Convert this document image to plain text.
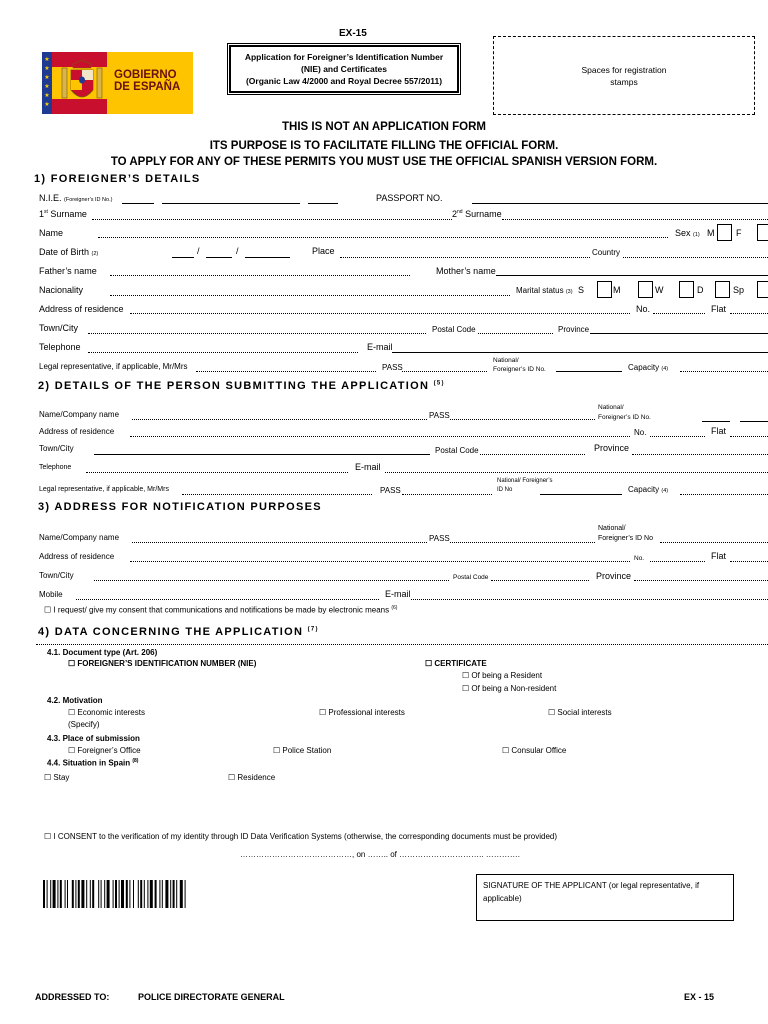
EX-15
★
★
★
★
★
★
GOBIERNO
DE ESPAÑA
Application for Foreigner’s Identification Number
(NIE) and Certificates
(Organic Law 4/2000 and Royal Decree 557/2011)
Spaces for registration
stamps
THIS IS NOT AN APPLICATION FORM
ITS PURPOSE IS TO FACILITATE FILLING THE OFFICIAL FORM.
TO APPLY FOR ANY OF THESE PERMITS YOU MUST USE THE OFFICIAL SPANISH VERSION FORM.
1) FOREIGNER’S DETAILS
N.I.E. (Foreigner’s ID No.)	PASSPORT NO.
1st Surname	2nd Surname
Name	Sex (1) M F
Date of Birth (2)	/	/	Place	Country
Father’s name	Mother’s name
Nacionality	Marital status (3) S	M	W	D	Sp
Address of residence	No.	Flat
Town/City	Postal Code	Province
Telephone	E-mail
Legal representative, if applicable, Mr/Mrs	PASS
National/
Foreigner’s ID No.	Capacity (4)
2) DETAILS OF THE PERSON SUBMITTING THE APPLICATION $^{(5)}$
Name/Company name	PASS
National/
Foreigner’s ID No.
Address of residence	No.	Flat
Town/City	Postal Code	Province
Telephone	E-mail
Legal representative, if applicable, Mr/Mrs	PASS
National/ Foreigner’s
ID No	Capacity (4)
3) ADDRESS FOR NOTIFICATION PURPOSES
Name/Company name	PASS
National/
Foreigner’s ID No
Address of residence	No.	Flat
Town/City	Postal Code	Province
Mobile	E-mail
☐ I request/ give my consent that communications and notifications be made by electronic means $^{(6)}$
4) DATA CONCERNING THE APPLICATION $^{(7)}$
4.1. Document type (Art. 206)
☐ FOREIGNER’S IDENTIFICATION NUMBER (NIE)	☐ CERTIFICATE
☐ Of being a Resident
☐ Of being a Non-resident
4.2. Motivation
☐ Economic interests	☐ Professional interests	☐ Social interests
(Specify)
4.3. Place of submission
☐ Foreigner’s Office	☐ Police Station	☐ Consular Office
4.4. Situation in Spain $^{(8)}$
☐ Stay	☐ Residence
☐ I CONSENT to the verification of my identity through ID Data Verification Systems (otherwise, the corresponding documents must be provided)
……………………………………, on …….. of ………………………….. ………….
SIGNATURE OF THE APPLICANT (or legal representative, if applicable)
ADDRESSED TO:	POLICE DIRECTORATE GENERAL	EX - 15
